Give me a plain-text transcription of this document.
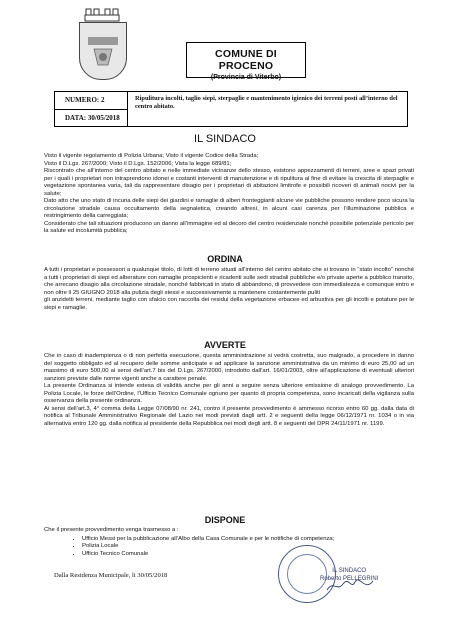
COMUNE DI PROCENO
(Provincia di Viterbo)
NUMERO: 2
DATA: 30/05/2018
Ripulitura incolti, taglio siepi, sterpaglie e mantenimento igienico dei terreni posti all’interno del centro abitato.
IL SINDACO

Visto il vigente regolamento di Polizia Urbana; Visto il vigente Codice della Strada;

Visto il D.Lgs. 267/2000; Visto il D.Lgs. 152/2006; Vista la legge 689/81;

Riscontrato che all’interno del centro abitato e nelle immediate vicinanze dello stesso, esistono appezzamenti di terreni, aree e spazi privati per i quali i proprietari non intraprendono idonei e costanti interventi di manutenzione e di ripulitura al fine di evitare la crescita di sterpaglie e vegetazione spontanea varia, tali da rappresentare disagio per i proprietari di abitazioni limitrofe e possibili ricoveri di animali nocivi per la salute;

Dato atto che uno stato di incuria delle siepi dei giardini e ramaglie di alberi fronteggianti alcune vie pubbliche possono rendere poco sicura la circolazione stradale causa occultamento della segnaletica, creando altresì, in alcuni casi carenza per l’illuminazione pubblica e restringimento della carreggiata;

Considerato che tali situazioni producono un danno all’immagine ed al decoro del centro residenziale nonché possibile potenziale pericolo per la salute ed incolumità pubblica;

ORDINA

A tutti i proprietari e possessori a qualunque titolo, di lotti di terreno situati all’interno del centro abitato che si trovano in “stato incolto” nonché a tutti i proprietari di siepi ed alberature con ramaglie prospicienti e ricadenti sulle sedi stradali pubbliche e/o private aperte a pubblico transito, che arrecano disagio alla circolazione stradale, nonché fabbricati in stato di abbandono, di provvedere con immediatezza e comunque entro e non oltre il 25 GIUGNO 2018 alla pulizia degli stessi e successivamente a mantenere costantemente puliti

gli anzidetti terreni, mediante taglio con sfalcio con raccolta dei residui della vegetazione erbacee ed arbustiva per gli incolti e potature per le siepi e ramaglie.

AVVERTE

Che in caso di inadempienza o di non perfetta esecuzione, questa amministrazione si vedrà costretta, suo malgrado, a procedere in danno del soggetto obbligato ed al recupero delle somme anticipate e ad applicare la sanzione amministrativa da un minimo di euro 25,00 ad un massimo di euro 500,00 ai sensi dell’art.7 bis del D.Lgs. 267/2000, introdotto dall’art. 16/01/2003, oltre all’applicazione di eventuali ulteriori sanzioni previste dalle norme vigenti anche a carattere penale.

La presente Ordinanza si intende estesa di validità anche per gli anni a seguire senza ulteriore emissione di analogo provvedimento. La Polizia Locale, le forze dell’Ordine, l’Ufficio Tecnico Comunale ognuno per quanto di propria competenza, sono incaricati della vigilanza sulla osservanza della presente ordinanza.

Ai sensi dell’art.3, 4° comma della Legge 07/08/90 nr. 241, contro il presente provvedimento è ammesso ricorso entro 60 gg. dalla data di notifica al Tribunale Amministrativo Regionale del Lazio nei modi previsti dagli artt. 2 e seguenti della legge 06/12/1971 nr. 1034 o in via alternativa entro 120 gg. dalla notifica al presidente della Repubblica nei modi degli artt. 8 e seguenti del DPR 24/11/1971 nr. 1199.

DISPONE

Che il presente provvedimento venga trasmesso a :

• Ufficio Messi per la pubblicazione all’Albo della Casa Comunale e per le notifiche di competenza;
• Polizia Locale
• Ufficio Tecnico Comunale
Dalla Residenza Municipale, li 30/05/2018
IL SINDACO
Roberto PELLEGRINI
